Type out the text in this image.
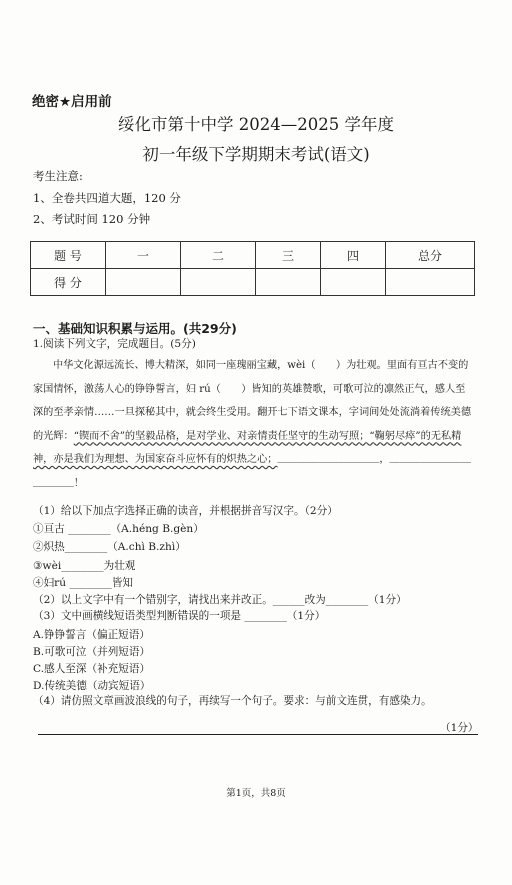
绝密★启用前
绥化市第十中学 2024—2025 学年度
初一年级下学期期末考试(语文)
考生注意:
1、全卷共四道大题，120 分
2、考试时间 120 分钟
题 号	一	二	三	四	总分
得 分					
一、基础知识积累与运用。(共29分)
1.阅读下列文字，完成题目。(5分)
中华文化源远流长、博大精深，如同一座瑰丽宝藏，wèi（　　）为壮观。里面有亘古不变的家国情怀，激荡人心的铮铮誓言，妇 rú（　　）皆知的英雄赞歌，可歌可泣的凛然正气，感人至深的至孝亲情……一旦探秘其中，就会终生受用。翻开七下语文课本，字词间处处流淌着传统美德的光辉：“锲而不舍”的坚毅品格，是对学业、对亲情责任坚守的生动写照；“鞠躬尽瘁”的无私精神，亦是我们为理想、为国家奋斗应怀有的炽热之心；＿＿＿＿＿＿＿＿＿＿，＿＿＿＿＿＿＿＿＿＿＿＿！
（1）给以下加点字选择正确的读音，并根据拼音写汉字。（2分）
①亘古 ________（A.héng B.gèn）
②炽热________（A.chì B.zhì）
③wèi________为壮观
④妇rú ________皆知
（2）以上文字中有一个错别字，请找出来并改正。______改为________（1分）
（3）文中画横线短语类型判断错误的一项是 ________（1分）
A.铮铮誓言（偏正短语）
B.可歌可泣（并列短语）
C.感人至深（补充短语）
D.传统美德（动宾短语）
（4）请仿照文章画波浪线的句子，再续写一个句子。要求：与前文连贯，有感染力。
（1分）
第1页，共8页
